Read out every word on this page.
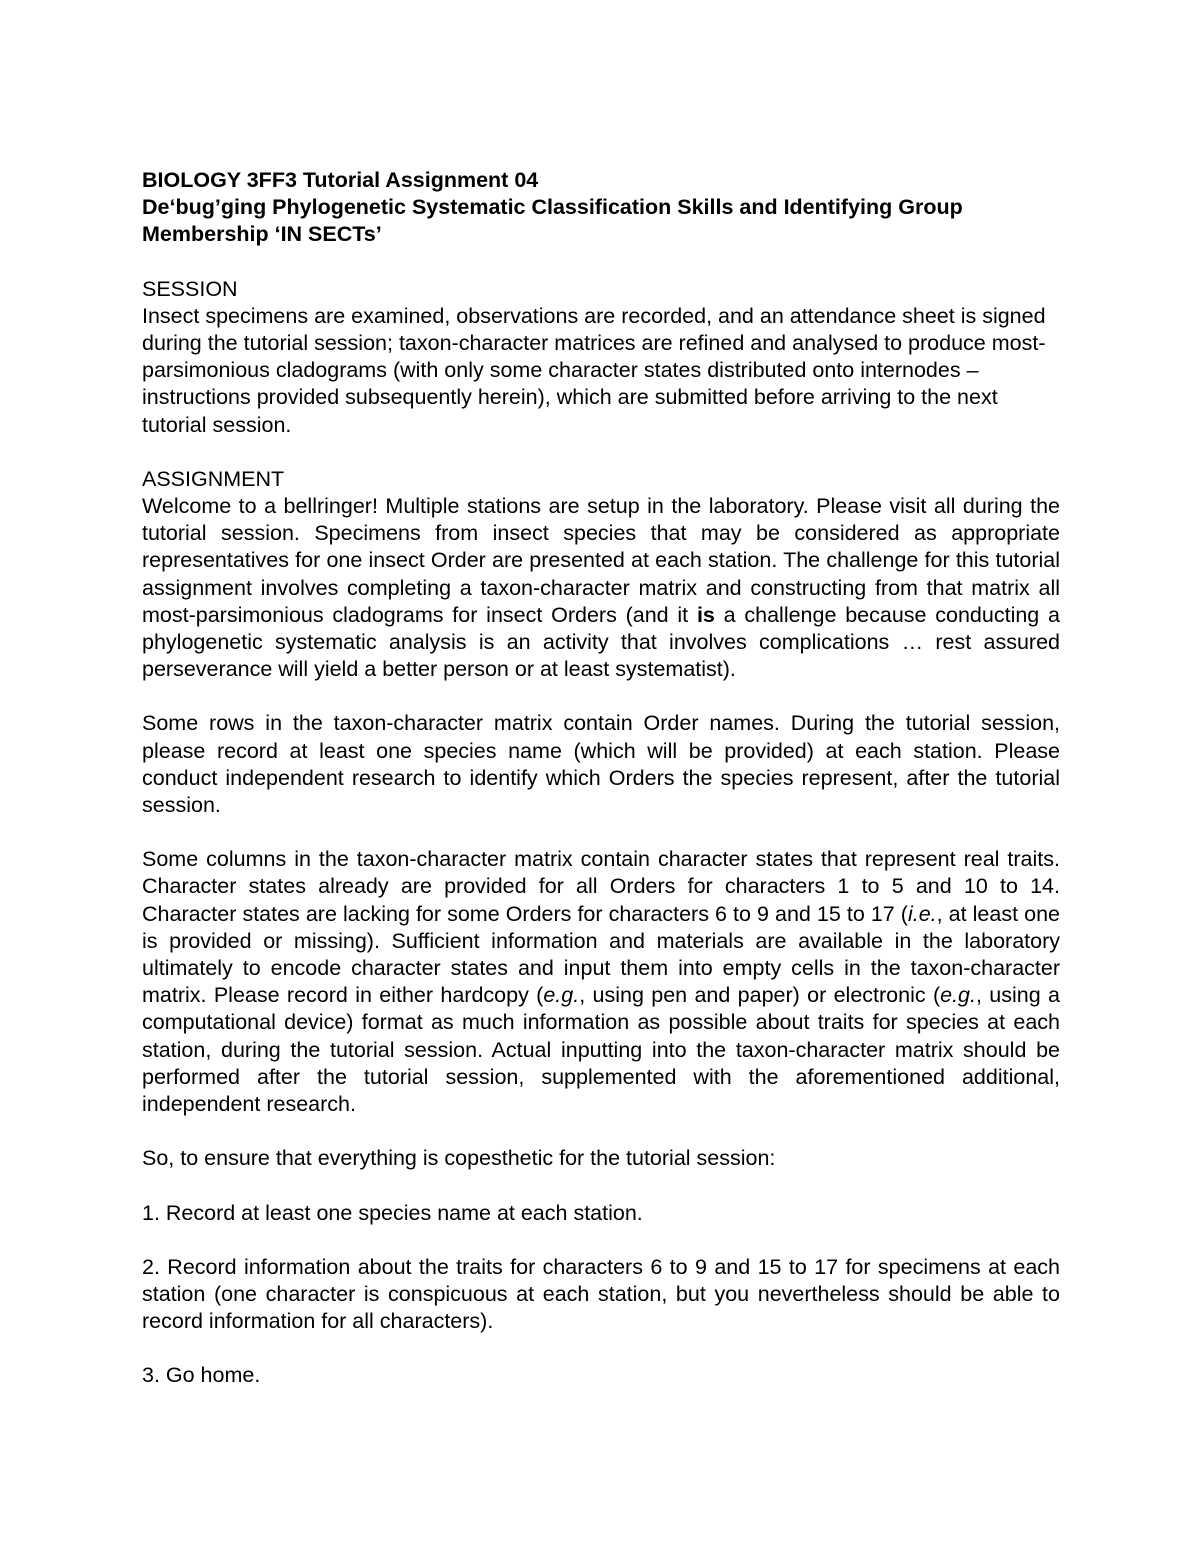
BIOLOGY 3FF3 Tutorial Assignment 04
De‘bug’ging Phylogenetic Systematic Classification Skills and Identifying Group
Membership ‘IN SECTs’
SESSION

Insect specimens are examined, observations are recorded, and an attendance sheet is signed during the tutorial session; taxon-character matrices are refined and analysed to produce most-parsimonious cladograms (with only some character states distributed onto internodes – instructions provided subsequently herein), which are submitted before arriving to the next tutorial session.

ASSIGNMENT

Welcome to a bellringer! Multiple stations are setup in the laboratory. Please visit all during the tutorial session. Specimens from insect species that may be considered as appropriate representatives for one insect Order are presented at each station. The challenge for this tutorial assignment involves completing a taxon-character matrix and constructing from that matrix all most-parsimonious cladograms for insect Orders (and it is a challenge because conducting a phylogenetic systematic analysis is an activity that involves complications … rest assured perseverance will yield a better person or at least systematist).

Some rows in the taxon-character matrix contain Order names. During the tutorial session, please record at least one species name (which will be provided) at each station. Please conduct independent research to identify which Orders the species represent, after the tutorial session.

Some columns in the taxon-character matrix contain character states that represent real traits. Character states already are provided for all Orders for characters 1 to 5 and 10 to 14. Character states are lacking for some Orders for characters 6 to 9 and 15 to 17 (i.e., at least one is provided or missing). Sufficient information and materials are available in the laboratory ultimately to encode character states and input them into empty cells in the taxon-character matrix. Please record in either hardcopy (e.g., using pen and paper) or electronic (e.g., using a computational device) format as much information as possible about traits for species at each station, during the tutorial session. Actual inputting into the taxon-character matrix should be performed after the tutorial session, supplemented with the aforementioned additional, independent research.

So, to ensure that everything is copesthetic for the tutorial session:

1. Record at least one species name at each station.

2. Record information about the traits for characters 6 to 9 and 15 to 17 for specimens at each station (one character is conspicuous at each station, but you nevertheless should be able to record information for all characters).

3. Go home.
